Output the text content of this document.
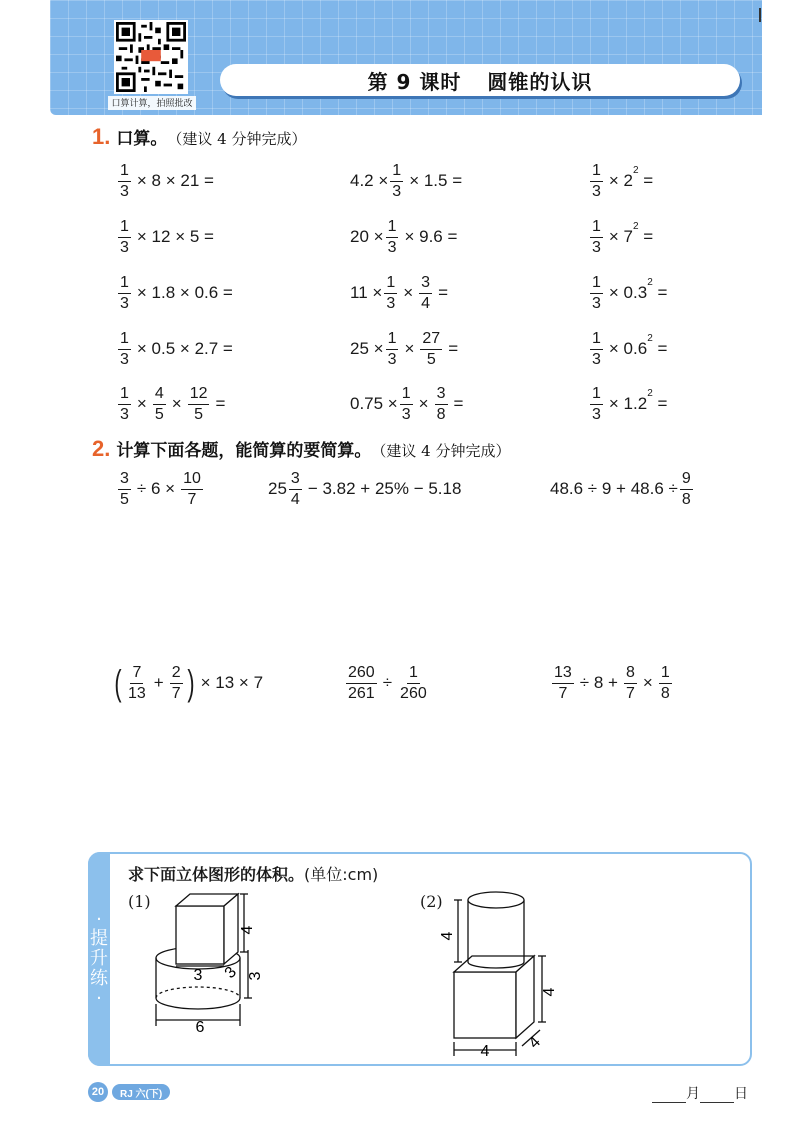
口算计算，拍照批改
第 9 课时 圆锥的认识
1. 口算。 （建议 4 分钟完成）
$\frac{1}{3} \times 8 \times 21$ =	$4.2 \times \frac{1}{3} \times 1.5$ =	$\frac{1}{3} \times 2^2$ =
$\frac{1}{3} \times 12 \times 5$ =	$20 \times \frac{1}{3} \times 9.6$ =	$\frac{1}{3} \times 7^2$ =
$\frac{1}{3} \times 1.8 \times 0.6$ =	$11 \times \frac{1}{3} \times \frac{3}{4}$ =	$\frac{1}{3} \times 0.3^2$ =
$\frac{1}{3} \times 0.5 \times 2.7$ =	$25 \times \frac{1}{3} \times \frac{27}{5}$ =	$\frac{1}{3} \times 0.6^2$ =
$\frac{1}{3} \times \frac{4}{5} \times \frac{12}{5}$ =	$0.75 \times \frac{1}{3} \times \frac{3}{8}$ =	$\frac{1}{3} \times 1.2^2$ =
2. 计算下面各题，能简算的要简算。 （建议 4 分钟完成）
$\frac{3}{5} \div 6 \times \frac{10}{7}$	$25 \frac{3}{4} - 3.82 + 25\% - 5.18$	$48.6 \div 9 + 48.6 \div \frac{9}{8}$
( $\frac{7}{13} + \frac{2}{7}$ ) × 13 × 7	$\frac{260}{261} \div \frac{1}{260}$	$\frac{13}{7} \div 8 + \frac{8}{7} \times \frac{1}{8}$
·
提
升
练
·
求下面立体图形的体积。(单位:cm)
(1)	(2)
4
3 3 3
6
4
4
4 4
20	RJ 六(下)	月 日
